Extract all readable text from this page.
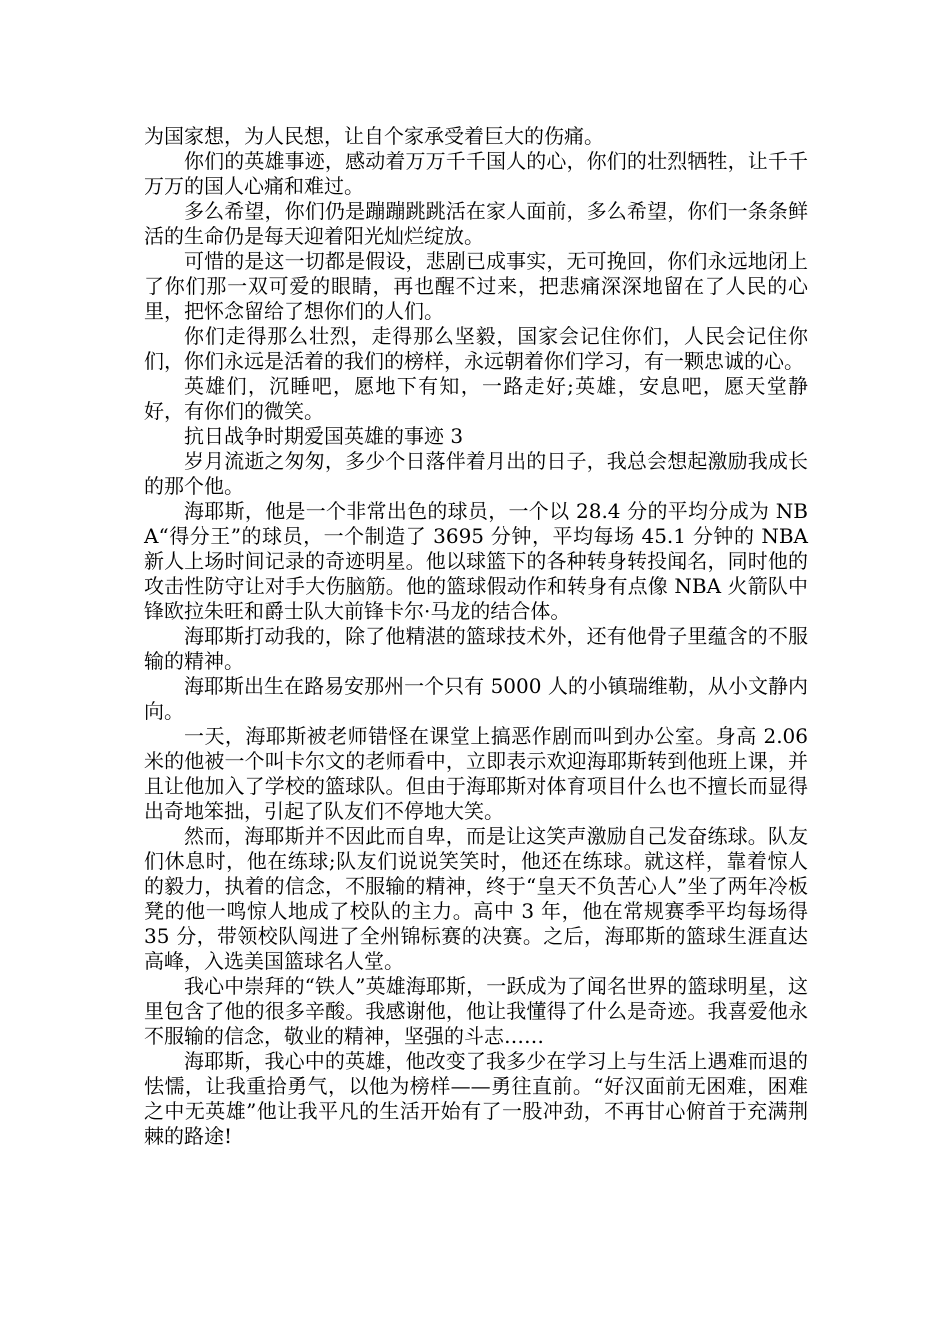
为国家想，为人民想，让自个家承受着巨大的伤痛。

你们的英雄事迹，感动着万万千千国人的心，你们的壮烈牺牲，让千千万万的国人心痛和难过。

多么希望，你们仍是蹦蹦跳跳活在家人面前，多么希望，你们一条条鲜活的生命仍是每天迎着阳光灿烂绽放。

可惜的是这一切都是假设，悲剧已成事实，无可挽回，你们永远地闭上了你们那一双可爱的眼睛，再也醒不过来，把悲痛深深地留在了人民的心里，把怀念留给了想你们的人们。

你们走得那么壮烈，走得那么坚毅，国家会记住你们，人民会记住你们，你们永远是活着的我们的榜样，永远朝着你们学习，有一颗忠诚的心。

英雄们，沉睡吧，愿地下有知，一路走好;英雄，安息吧，愿天堂静好，有你们的微笑。

抗日战争时期爱国英雄的事迹 3

岁月流逝之匆匆，多少个日落伴着月出的日子，我总会想起激励我成长的那个他。

海耶斯，他是一个非常出色的球员，一个以 28.4 分的平均分成为 NBA“得分王”的球员，一个制造了 3695 分钟，平均每场 45.1 分钟的 NBA 新人上场时间记录的奇迹明星。他以球篮下的各种转身转投闻名，同时他的攻击性防守让对手大伤脑筋。他的篮球假动作和转身有点像 NBA 火箭队中锋欧拉朱旺和爵士队大前锋卡尔·马龙的结合体。

海耶斯打动我的，除了他精湛的篮球技术外，还有他骨子里蕴含的不服输的精神。

海耶斯出生在路易安那州一个只有 5000 人的小镇瑞维勒，从小文静内向。

一天，海耶斯被老师错怪在课堂上搞恶作剧而叫到办公室。身高 2.06 米的他被一个叫卡尔文的老师看中，立即表示欢迎海耶斯转到他班上课，并且让他加入了学校的篮球队。但由于海耶斯对体育项目什么也不擅长而显得出奇地笨拙，引起了队友们不停地大笑。

然而，海耶斯并不因此而自卑，而是让这笑声激励自己发奋练球。队友们休息时，他在练球;队友们说说笑笑时，他还在练球。就这样，靠着惊人的毅力，执着的信念，不服输的精神，终于“皇天不负苦心人”坐了两年冷板凳的他一鸣惊人地成了校队的主力。高中 3 年，他在常规赛季平均每场得 35 分，带领校队闯进了全州锦标赛的决赛。之后，海耶斯的篮球生涯直达高峰，入选美国篮球名人堂。

我心中崇拜的“铁人”英雄海耶斯，一跃成为了闻名世界的篮球明星，这里包含了他的很多辛酸。我感谢他，他让我懂得了什么是奇迹。我喜爱他永不服输的信念，敬业的精神，坚强的斗志……

海耶斯，我心中的英雄，他改变了我多少在学习上与生活上遇难而退的怯懦，让我重拾勇气，以他为榜样——勇往直前。“好汉面前无困难，困难之中无英雄”他让我平凡的生活开始有了一股冲劲，不再甘心俯首于充满荆棘的路途!
